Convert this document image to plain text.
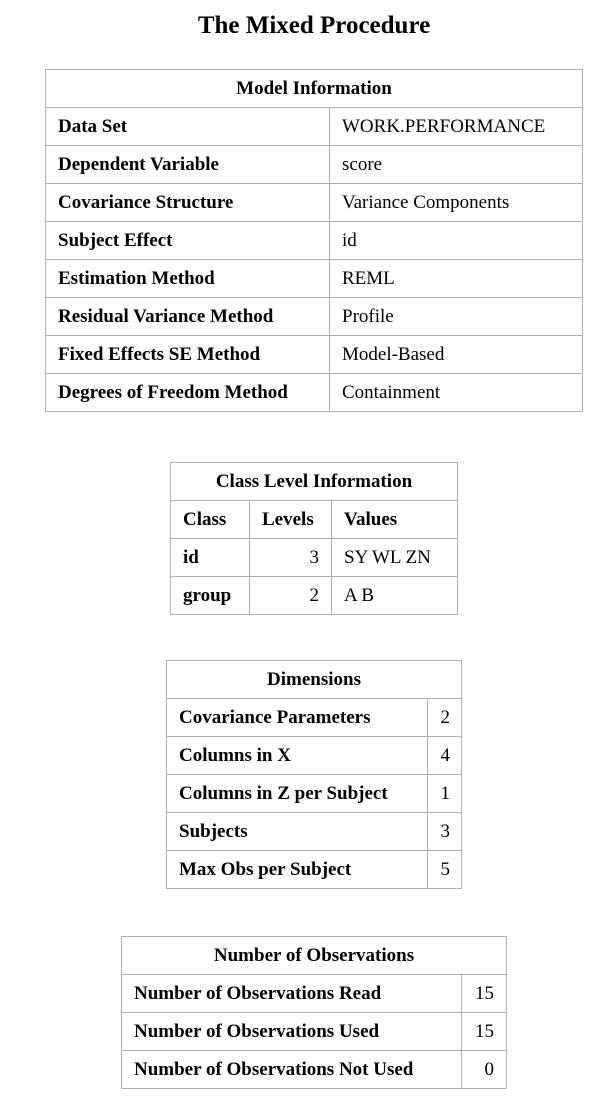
The Mixed Procedure
Model Information	
Data Set	WORK.PERFORMANCE
Dependent Variable	score
Covariance Structure	Variance Components
Subject Effect	id
Estimation Method	REML
Residual Variance Method	Profile
Fixed Effects SE Method	Model-Based
Degrees of Freedom Method	Containment
Class Level Information		
Class	Levels	Values
id	3	SY WL ZN
group	2	A B
Dimensions	
Covariance Parameters	2
Columns in X	4
Columns in Z per Subject	1
Subjects	3
Max Obs per Subject	5
Number of Observations	
Number of Observations Read	15
Number of Observations Used	15
Number of Observations Not Used	0
